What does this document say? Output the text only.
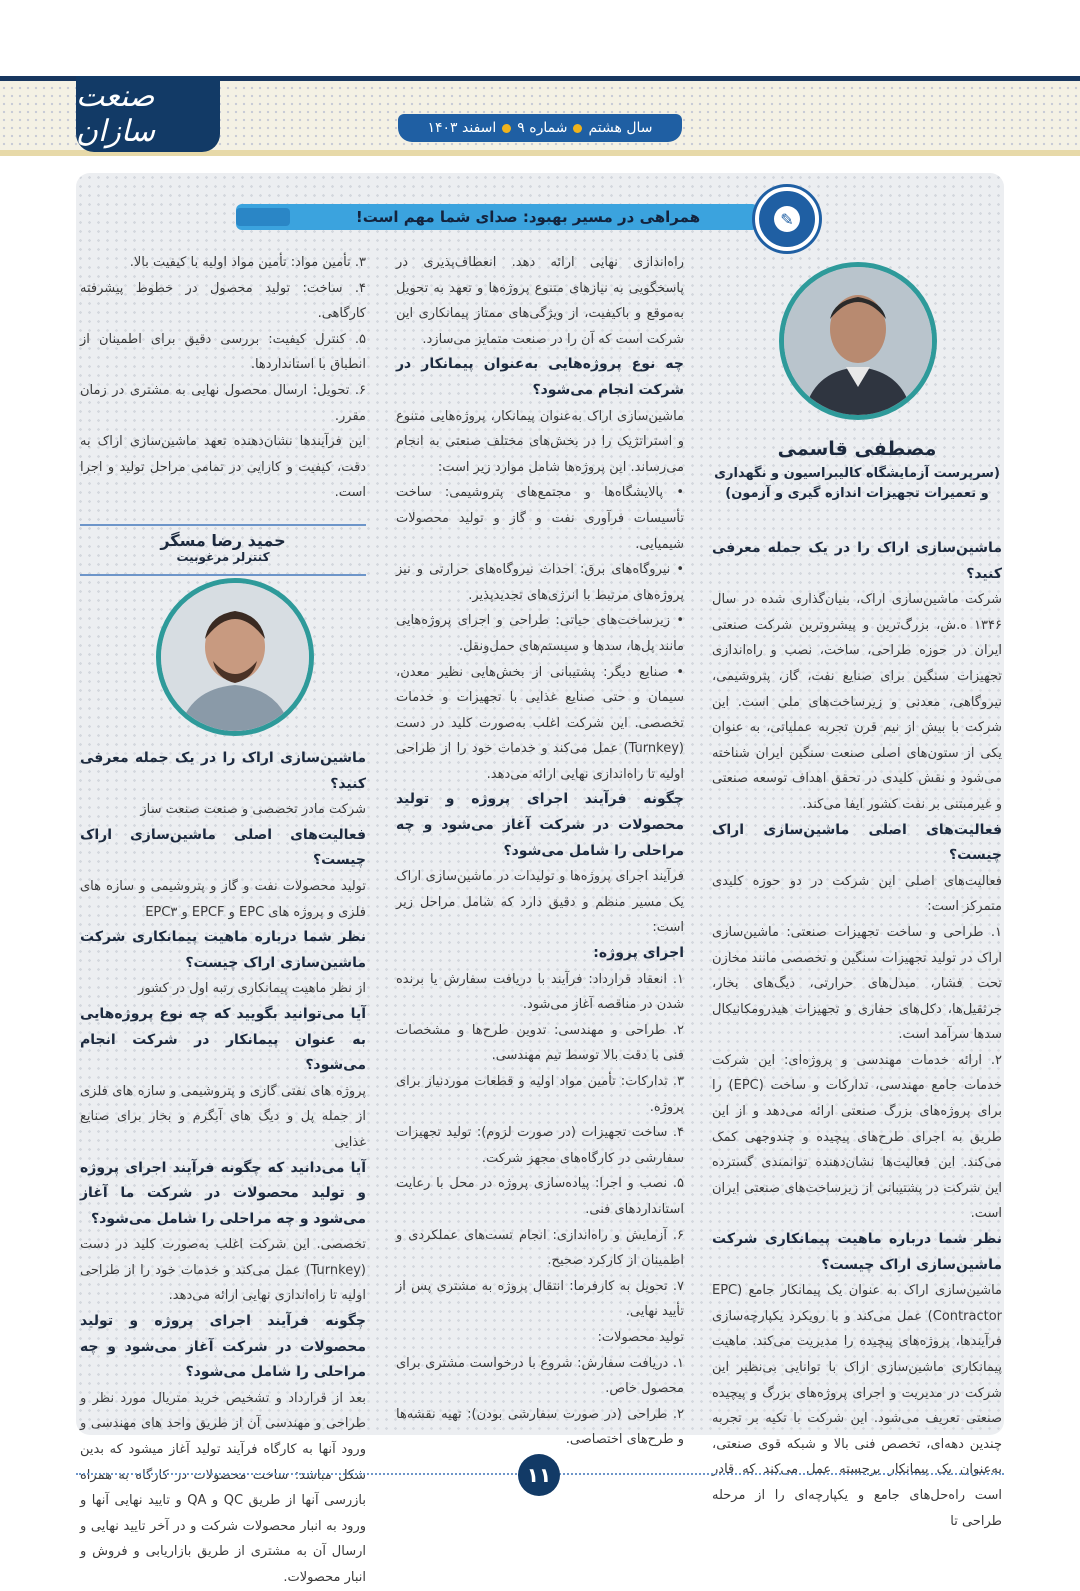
صنعت سازان	سال هشتم
شماره ۹
اسفند ۱۴۰۳
همراهی در مسیر بهبود: صدای شما مهم است!	✎
مصطفی قاسمی
(سرپرست آزمایشگاه کالیبراسیون و نگهداری و تعمیرات تجهیزات اندازه گیری و آزمون)

ماشین‌سازی اراک را در یک جمله معرفی کنید؟

شرکت ماشین‌سازی اراک، بنیان‌گذاری شده در سال ۱۳۴۶ ه.ش، بزرگ‌ترین و پیشروترین شرکت صنعتی ایران در حوزه طراحی، ساخت، نصب و راه‌اندازی تجهیزات سنگین برای صنایع نفت، گاز، پتروشیمی، نیروگاهی، معدنی و زیرساخت‌های ملی است. این شرکت با بیش از نیم قرن تجربه عملیاتی، به عنوان یکی از ستون‌های اصلی صنعت سنگین ایران شناخته می‌شود و نقش کلیدی در تحقق اهداف توسعه صنعتی و غیرمبتنی بر نفت کشور ایفا می‌کند.

فعالیت‌های اصلی ماشین‌سازی اراک چیست؟

فعالیت‌های اصلی این شرکت در دو حوزه کلیدی متمرکز است:

۱. طراحی و ساخت تجهیزات صنعتی: ماشین‌سازی اراک در تولید تجهیزات سنگین و تخصصی مانند مخازن تحت فشار، مبدل‌های حرارتی، دیگ‌های بخار، جرثقیل‌ها، دکل‌های حفاری و تجهیزات هیدرومکانیکال سدها سرآمد است.

۲. ارائه خدمات مهندسی و پروژه‌ای: این شرکت خدمات جامع مهندسی، تدارکات و ساخت (EPC) را برای پروژه‌های بزرگ صنعتی ارائه می‌دهد و از این طریق به اجرای طرح‌های پیچیده و چندوجهی کمک می‌کند. این فعالیت‌ها نشان‌دهنده توانمندی گسترده این شرکت در پشتیبانی از زیرساخت‌های صنعتی ایران است.

نظر شما درباره ماهیت پیمانکاری شرکت ماشین‌سازی اراک چیست؟

ماشین‌سازی اراک به عنوان یک پیمانکار جامع (EPC Contractor) عمل می‌کند و با رویکرد یکپارچه‌سازی فرآیندها، پروژه‌های پیچیده را مدیریت می‌کند. ماهیت پیمانکاری ماشین‌سازی اراک با توانایی بی‌نظیر این شرکت در مدیریت و اجرای پروژه‌های بزرگ و پیچیده صنعتی تعریف می‌شود. این شرکت با تکیه بر تجربه چندین دهه‌ای، تخصص فنی بالا و شبکه قوی صنعتی، به‌عنوان یک پیمانکار برجسته عمل می‌کند که قادر است راه‌حل‌های جامع و یکپارچه‌ای را از مرحله طراحی تا

راه‌اندازی نهایی ارائه دهد. انعطاف‌پذیری در پاسخگویی به نیازهای متنوع پروژه‌ها و تعهد به تحویل به‌موقع و باکیفیت، از ویژگی‌های ممتاز پیمانکاری این شرکت است که آن را در صنعت متمایز می‌سازد.

چه نوع پروژه‌هایی به‌عنوان پیمانکار در شرکت انجام می‌شود؟

ماشین‌سازی اراک به‌عنوان پیمانکار، پروژه‌هایی متنوع و استراتژیک را در بخش‌های مختلف صنعتی به انجام می‌رساند. این پروژه‌ها شامل موارد زیر است:

• پالایشگاه‌ها و مجتمع‌های پتروشیمی: ساخت تأسیسات فرآوری نفت و گاز و تولید محصولات شیمیایی.

• نیروگاه‌های برق: احداث نیروگاه‌های حرارتی و نیز پروژه‌های مرتبط با انرژی‌های تجدیدپذیر.

• زیرساخت‌های حیاتی: طراحی و اجرای پروژه‌هایی مانند پل‌ها، سدها و سیستم‌های حمل‌ونقل.

• صنایع دیگر: پشتیبانی از بخش‌هایی نظیر معدن، سیمان و حتی صنایع غذایی با تجهیزات و خدمات تخصصی. این شرکت اغلب به‌صورت کلید در دست (Turnkey) عمل می‌کند و خدمات خود را از طراحی اولیه تا راه‌اندازی نهایی ارائه می‌دهد.

چگونه فرآیند اجرای پروژه و تولید محصولات در شرکت آغاز می‌شود و چه مراحلی را شامل می‌شود؟

فرآیند اجرای پروژه‌ها و تولیدات در ماشین‌سازی اراک یک مسیر منظم و دقیق دارد که شامل مراحل زیر است:

اجرای پروژه:

۱. انعقاد قرارداد: فرآیند با دریافت سفارش یا برنده شدن در مناقصه آغاز می‌شود.

۲. طراحی و مهندسی: تدوین طرح‌ها و مشخصات فنی با دقت بالا توسط تیم مهندسی.

۳. تدارکات: تأمین مواد اولیه و قطعات موردنیاز برای پروژه.

۴. ساخت تجهیزات (در صورت لزوم): تولید تجهیزات سفارشی در کارگاه‌های مجهز شرکت.

۵. نصب و اجرا: پیاده‌سازی پروژه در محل با رعایت استانداردهای فنی.

۶. آزمایش و راه‌اندازی: انجام تست‌های عملکردی و اطمینان از کارکرد صحیح.

۷. تحویل به کارفرما: انتقال پروژه به مشتری پس از تأیید نهایی.

تولید محصولات:

۱. دریافت سفارش: شروع با درخواست مشتری برای محصول خاص.

۲. طراحی (در صورت سفارشی بودن): تهیه نقشه‌ها و طرح‌های اختصاصی.

۳. تأمین مواد: تأمین مواد اولیه با کیفیت بالا.

۴. ساخت: تولید محصول در خطوط پیشرفته کارگاهی.

۵. کنترل کیفیت: بررسی دقیق برای اطمینان از انطباق با استانداردها.

۶. تحویل: ارسال محصول نهایی به مشتری در زمان مقرر.

این فرآیندها نشان‌دهنده تعهد ماشین‌سازی اراک به دقت، کیفیت و کارایی در تمامی مراحل تولید و اجرا است.

حمید رضا مسگر
کنترلر مرغوبیت

ماشین‌سازی اراک را در یک جمله معرفی کنید؟

شرکت مادر تخصصی و صنعت صنعت ساز

فعالیت‌های اصلی ماشین‌سازی اراک چیست؟

تولید محصولات نفت و گاز و پتروشیمی و سازه های فلزی و پروژه های EPC و EPCF و EPC۳

نظر شما درباره ماهیت پیمانکاری شرکت ماشین‌سازی اراک چیست؟

از نظر ماهیت پیمانکاری رتبه اول در کشور

آیا می‌توانید بگویید که چه نوع پروژه‌هایی به عنوان پیمانکار در شرکت انجام می‌شود؟

پروژه های نفتی گازی و پتروشیمی و سازه های فلزی از جمله پل و دیگ های آبگرم و بخار برای صنایع غذایی

آیا می‌دانید که چگونه فرآیند اجرای پروژه و تولید محصولات در شرکت ما آغاز می‌شود و چه مراحلی را شامل می‌شود؟

تخصصی. این شرکت اغلب به‌صورت کلید در دست (Turnkey) عمل می‌کند و خدمات خود را از طراحی اولیه تا راه‌اندازی نهایی ارائه می‌دهد.

چگونه فرآیند اجرای پروژه و تولید محصولات در شرکت آغاز می‌شود و چه مراحلی را شامل می‌شود؟

بعد از قرارداد و تشخیص خرید متریال مورد نظر و طراحی و مهندسی آن از طریق واحد های مهندسی و ورود آنها به کارگاه فرآیند تولید آغاز میشود که بدین شکل مباشد: ساخت محصولات در کارگاه به همراه بازرسی آنها از طریق QC و QA و تایید نهایی آنها و ورود به انبار محصولات شرکت و در آخر تایید نهایی و ارسال آن به مشتری از طریق بازاریابی و فروش و انبار محصولات.

۱۱
